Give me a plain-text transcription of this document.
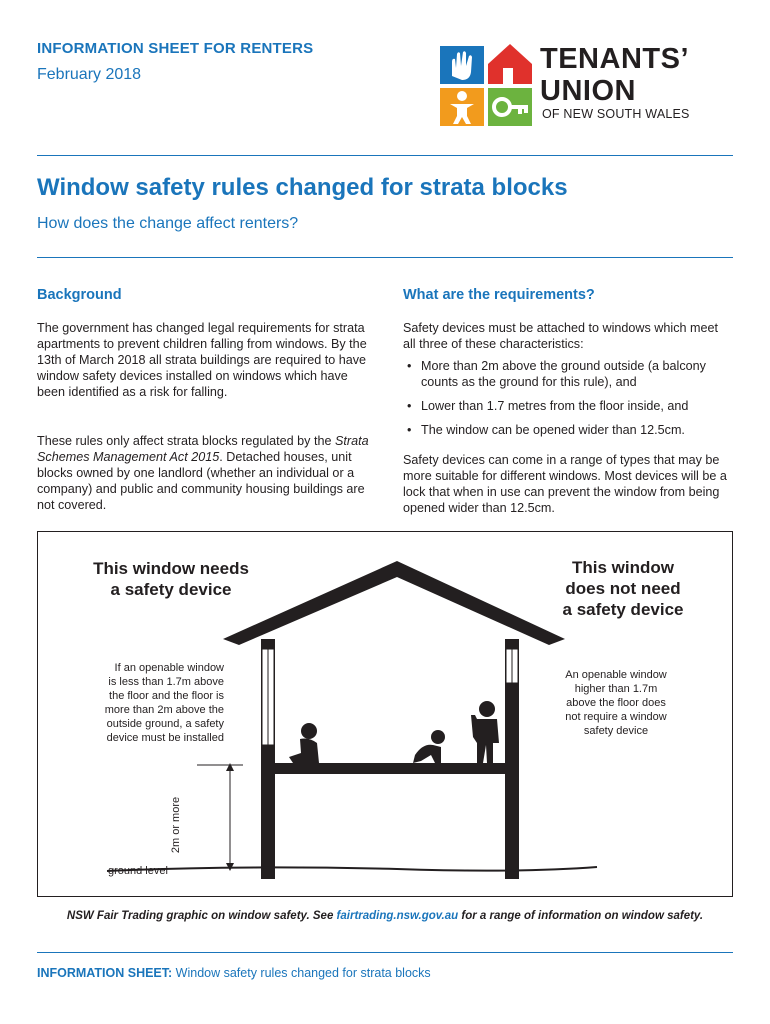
INFORMATION SHEET FOR RENTERS
February 2018	TENANTS’
UNION
OF NEW SOUTH WALES
Window safety rules changed for strata blocks
How does the change affect renters?
Background
The government has changed legal requirements for strata apartments to prevent children falling from windows. By the 13th of March 2018 all strata buildings are required to have window safety devices installed on windows which have been identified as a risk for falling.
These rules only affect strata blocks regulated by the Strata Schemes Management Act 2015. Detached houses, unit blocks owned by one landlord (whether an individual or a company) and public and community housing buildings are not covered.
What are the requirements?
Safety devices must be attached to windows which meet all three of these characteristics:
• More than 2m above the ground outside (a balcony counts as the ground for this rule), and
• Lower than 1.7 metres from the floor inside, and
• The window can be opened wider than 12.5cm.
Safety devices can come in a range of types that may be more suitable for different windows. Most devices will be a lock that when in use can prevent the window from being opened wider than 12.5cm.
This window needs
a safety device
This window
does not need
a safety device
If an openable window
is less than 1.7m above
the floor and the floor is
more than 2m above the
outside ground, a safety
device must be installed
An openable window
higher than 1.7m
above the floor does
not require a window
safety device
2m or more
ground level
NSW Fair Trading graphic on window safety. See fairtrading.nsw.gov.au for a range of information on window safety.
INFORMATION SHEET: Window safety rules changed for strata blocks
